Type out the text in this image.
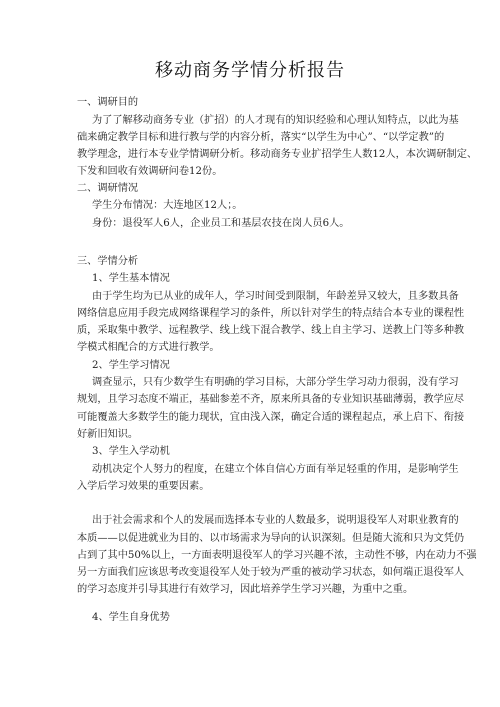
移动商务学情分析报告
一、调研目的
为了了解移动商务专业（扩招）的人才现有的知识经验和心理认知特点，以此为基
础来确定教学目标和进行教与学的内容分析，落实“以学生为中心”、“以学定教”的
教学理念，进行本专业学情调研分析。移动商务专业扩招学生人数12人，本次调研制定、
下发和回收有效调研问卷12份。
二、调研情况
学生分布情况：大连地区12人；。
身份：退役军人6人，企业员工和基层农技在岗人员6人。
三、学情分析
1、学生基本情况
由于学生均为已从业的成年人，学习时间受到限制，年龄差异又较大，且多数具备
网络信息应用手段完成网络课程学习的条件，所以针对学生的特点结合本专业的课程性
质，采取集中教学、远程教学、线上线下混合教学、线上自主学习、送教上门等多种教
学模式相配合的方式进行教学。
2、学生学习情况
调查显示，只有少数学生有明确的学习目标，大部分学生学习动力很弱，没有学习
规划，且学习态度不端正，基础参差不齐，原来所具备的专业知识基础薄弱，教学应尽
可能覆盖大多数学生的能力现状，宜由浅入深，确定合适的课程起点，承上启下、衔接
好新旧知识。
3、学生入学动机
动机决定个人努力的程度，在建立个体自信心方面有举足轻重的作用，是影响学生
入学后学习效果的重要因素。
出于社会需求和个人的发展而选择本专业的人数最多，说明退役军人对职业教育的
本质——以促进就业为目的、以市场需求为导向的认识深刻。但是随大流和只为文凭仍
占到了其中50%以上，一方面表明退役军人的学习兴趣不浓，主动性不够，内在动力不强
另一方面我们应该思考改变退役军人处于较为严重的被动学习状态，如何端正退役军人
的学习态度并引导其进行有效学习，因此培养学生学习兴趣，为重中之重。
4、学生自身优势
